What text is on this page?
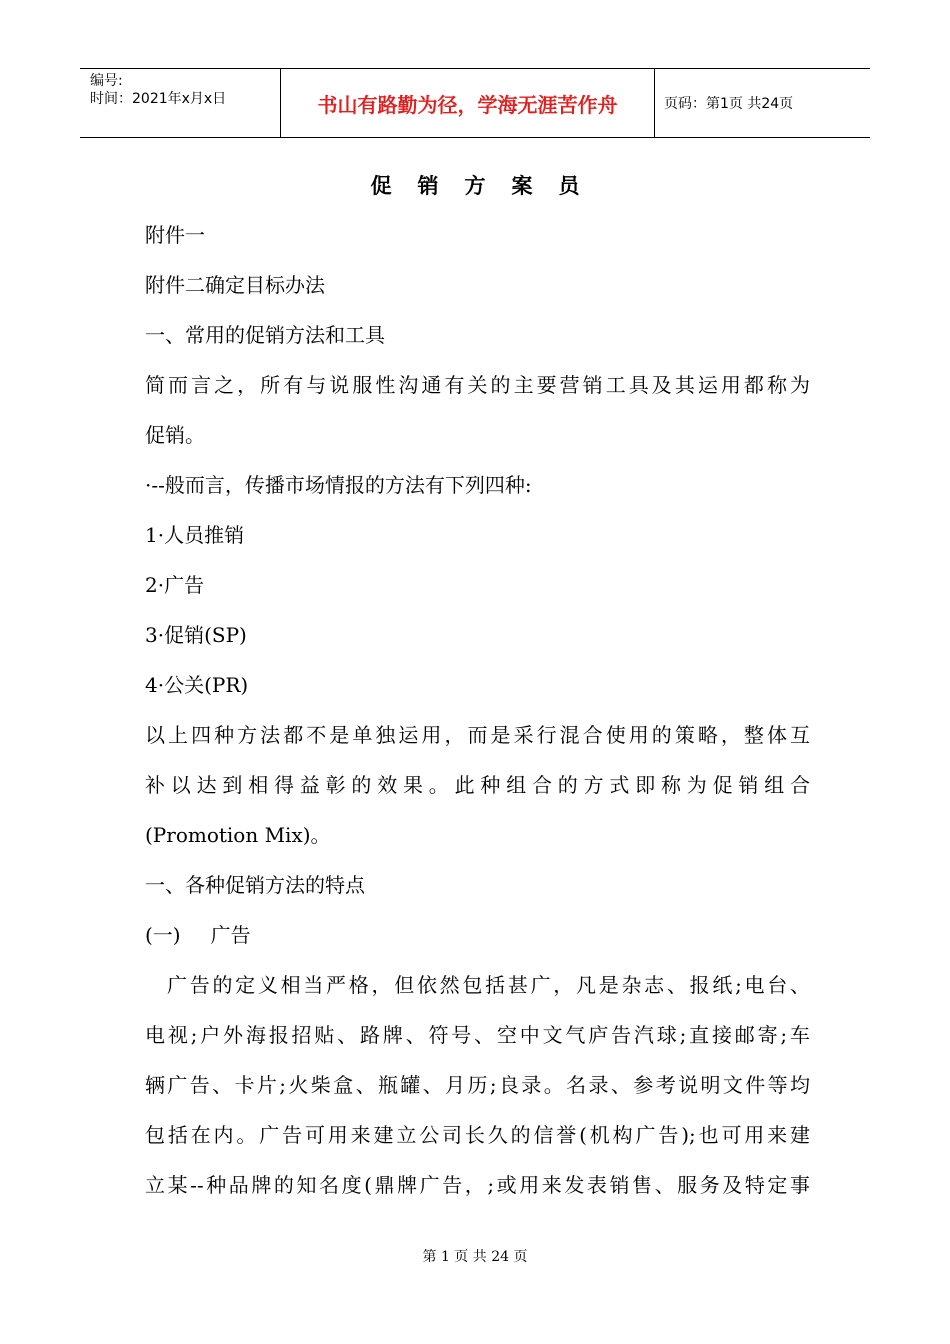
编号:
时间：2021年x月x日	书山有路勤为径，学海无涯苦作舟	页码：第1页 共24页
促销方案员
附件一
附件二确定目标办法
一、常用的促销方法和工具
简而言之，所有与说服性沟通有关的主要营销工具及其运用都称为
促销。
·--般而言，传播市场情报的方法有下列四种:
1·人员推销
2·广告
3·促销(SP)
4·公关(PR)
以上四种方法都不是单独运用，而是采行混合使用的策略，整体互
补以达到相得益彰的效果。此种组合的方式即称为促销组合
(Promotion Mix)。
一、各种促销方法的特点
(一) 广告
广告的定义相当严格，但依然包括甚广，凡是杂志、报纸;电台、
电视;户外海报招贴、路牌、符号、空中文气庐告汽球;直接邮寄;车
辆广告、卡片;火柴盒、瓶罐、月历;良录。名录、参考说明文件等均
包括在内。广告可用来建立公司长久的信誉(机构广告);也可用来建
立某--种品牌的知名度(鼎牌广告，;或用来发表销售、服务及特定事
第 1 页 共 24 页
